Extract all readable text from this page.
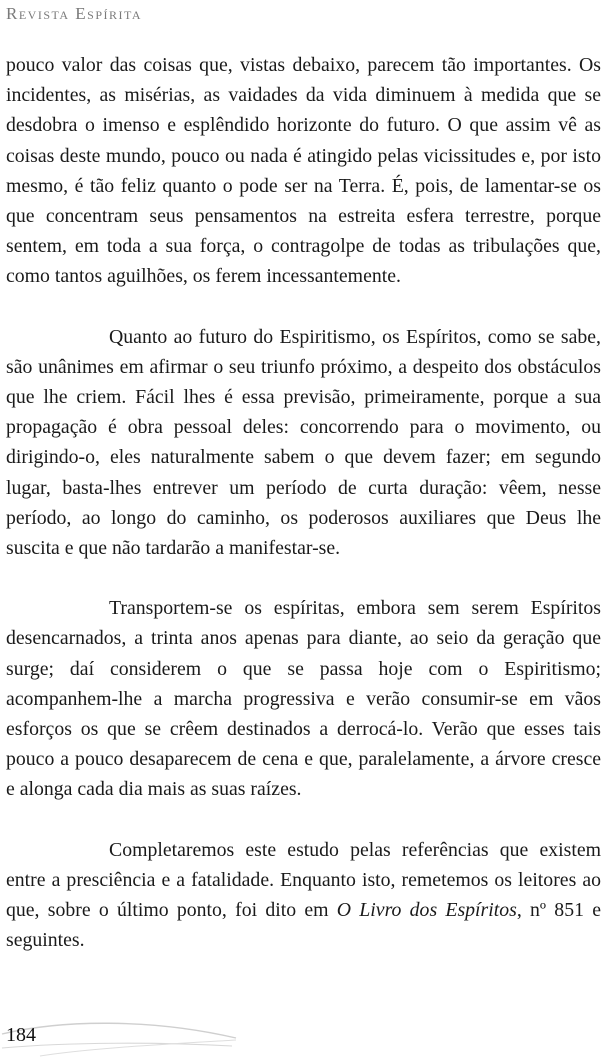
Revista Espírita

pouco valor das coisas que, vistas debaixo, parecem tão importantes. Os incidentes, as misérias, as vaidades da vida diminuem à medida que se desdobra o imenso e esplêndido horizonte do futuro. O que assim vê as coisas deste mundo, pouco ou nada é atingido pelas vicissitudes e, por isto mesmo, é tão feliz quanto o pode ser na Terra. É, pois, de lamentar-se os que concentram seus pensamentos na estreita esfera terrestre, porque sentem, em toda a sua força, o contragolpe de todas as tribulações que, como tantos aguilhões, os ferem incessantemente.

Quanto ao futuro do Espiritismo, os Espíritos, como se sabe, são unânimes em afirmar o seu triunfo próximo, a despeito dos obstáculos que lhe criem. Fácil lhes é essa previsão, primeiramente, porque a sua propagação é obra pessoal deles: concorrendo para o movimento, ou dirigindo-o, eles naturalmente sabem o que devem fazer; em segundo lugar, basta-lhes entrever um período de curta duração: vêem, nesse período, ao longo do caminho, os poderosos auxiliares que Deus lhe suscita e que não tardarão a manifestar-se.

Transportem-se os espíritas, embora sem serem Espíritos desencarnados, a trinta anos apenas para diante, ao seio da geração que surge; daí considerem o que se passa hoje com o Espiritismo; acompanhem-lhe a marcha progressiva e verão consumir-se em vãos esforços os que se crêem destinados a derrocá-lo. Verão que esses tais pouco a pouco desaparecem de cena e que, paralelamente, a árvore cresce e alonga cada dia mais as suas raízes.

Completaremos este estudo pelas referências que existem entre a presciência e a fatalidade. Enquanto isto, remetemos os leitores ao que, sobre o último ponto, foi dito em O Livro dos Espíritos, nº 851 e seguintes.

184
